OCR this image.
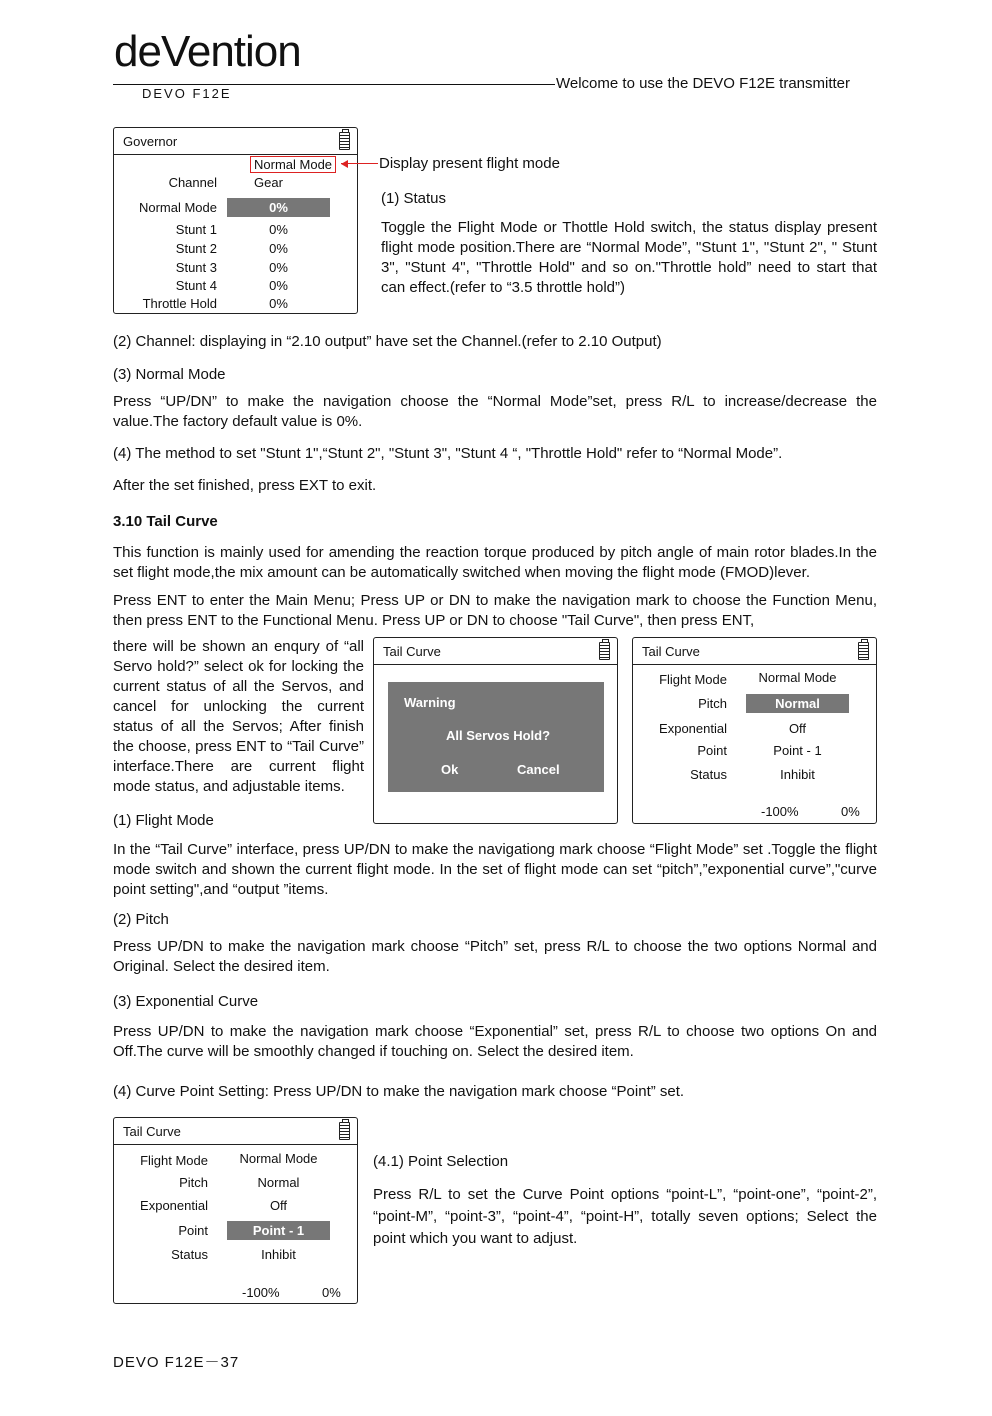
deVention
DEVO F12E
Welcome to use the DEVO F12E transmitter
Governor
Normal Mode
Channel	Gear
Normal Mode	0%
Stunt 1	0%
Stunt 2	0%
Stunt 3	0%
Stunt 4	0%
Throttle Hold	0%
Display present flight mode
(1) Status
Toggle the Flight Mode or Thottle Hold switch, the status display present flight mode position.There are “Normal Mode”, "Stunt 1", "Stunt 2", " Stunt 3", "Stunt 4", "Throttle Hold" and so on."Throttle hold” need to start that can effect.(refer to “3.5 throttle hold”)
(2) Channel: displaying in “2.10 output” have set the Channel.(refer to 2.10 Output)
(3) Normal Mode
Press “UP/DN” to make the navigation choose the “Normal Mode”set, press R/L to increase/decrease the value.The factory default value is 0%.
(4) The method to set "Stunt 1",“Stunt 2", "Stunt 3", "Stunt 4 “, "Throttle Hold" refer to “Normal Mode”.
After the set finished, press EXT to exit.
3.10 Tail Curve
This function is mainly used for amending the reaction torque produced by pitch angle of main rotor blades.In the set flight mode,the mix amount can be automatically switched when moving the flight mode (FMOD)lever.
Press ENT to enter the Main Menu; Press UP or DN to make the navigation mark to choose the Function Menu, then press ENT to the Functional Menu. Press UP or DN to choose "Tail Curve", then press ENT,
there will be shown an enqury of “all Servo hold?” select ok for locking the current status of all the Servos, and cancel for unlocking the current status of all the Servos; After finish the choose, press ENT to “Tail Curve” interface.There are current flight mode status, and adjustable items.
Tail Curve
Warning
All Servos Hold?
Ok	Cancel
Tail Curve
Flight Mode	Normal Mode
Pitch	Normal
Exponential	Off
Point	Point - 1
Status	Inhibit
-100%	0%
(1) Flight Mode
In the “Tail Curve” interface, press UP/DN to make the navigationg mark choose “Flight Mode” set .Toggle the flight mode switch and shown the current flight mode. In the set of flight mode can set “pitch”,”exponential curve”,"curve point setting",and “output ”items.
(2) Pitch
Press UP/DN to make the navigation mark choose “Pitch” set, press R/L to choose the two options Normal and Original. Select the desired item.
(3) Exponential Curve
Press UP/DN to make the navigation mark choose “Exponential” set, press R/L to choose two options On and Off.The curve will be smoothly changed if touching on. Select the desired item.
(4) Curve Point Setting: Press UP/DN to make the navigation mark choose “Point” set.
Tail Curve
Flight Mode	Normal Mode
Pitch	Normal
Exponential	Off
Point	Point - 1
Status	Inhibit
-100%	0%
(4.1) Point Selection
Press R/L to set the Curve Point options “point-L”, “point-one”, “point-2”, “point-M”, “point-3”, “point-4”, “point-H”, totally seven options; Select the point which you want to adjust.
DEVO F12E－37
